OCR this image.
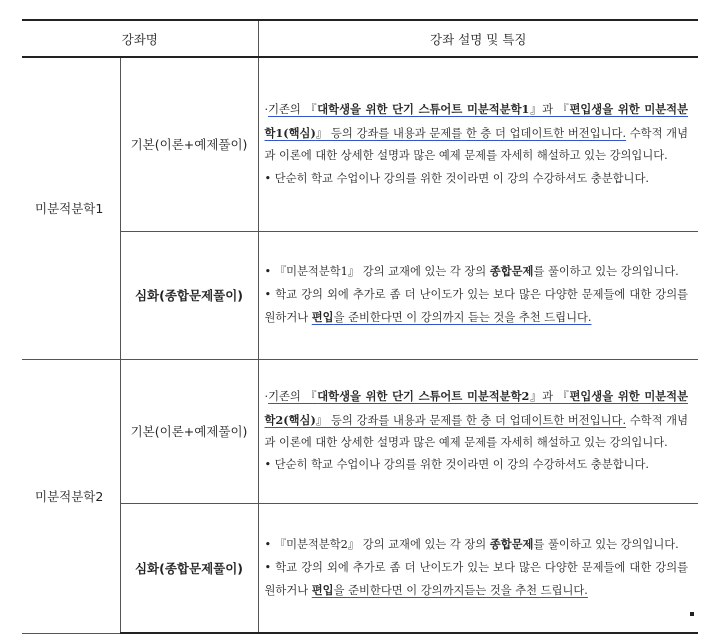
강좌명		강좌 설명 및 특징
미분적분학1	기본(이론+예제풀이)	·기존의 『대학생을 위한 단기 스튜어트 미분적분학1』과 『편입생을 위한 미분적분학1(핵심)』 등의 강좌를 내용과 문제를 한 층 더 업데이트한 버전입니다. 수학적 개념과 이론에 대한 상세한 설명과 많은 예제 문제를 자세히 해설하고 있는 강의입니다.
• 단순히 학교 수업이나 강의를 위한 것이라면 이 강의 수강하셔도 충분합니다.
	심화(종합문제풀이)	• 『미분적분학1』 강의 교재에 있는 각 장의 종합문제를 풀이하고 있는 강의입니다.
• 학교 강의 외에 추가로 좀 더 난이도가 있는 보다 많은 다양한 문제들에 대한 강의를 원하거나 편입을 준비한다면 이 강의까지 듣는 것을 추천 드립니다.
미분적분학2	기본(이론+예제풀이)	·기존의 『대학생을 위한 단기 스튜어트 미분적분학2』과 『편입생을 위한 미분적분학2(핵심)』 등의 강좌를 내용과 문제를 한 층 더 업데이트한 버전입니다. 수학적 개념과 이론에 대한 상세한 설명과 많은 예제 문제를 자세히 해설하고 있는 강의입니다.
• 단순히 학교 수업이나 강의를 위한 것이라면 이 강의 수강하셔도 충분합니다.
	심화(종합문제풀이)	• 『미분적분학2』 강의 교재에 있는 각 장의 종합문제를 풀이하고 있는 강의입니다.
• 학교 강의 외에 추가로 좀 더 난이도가 있는 보다 많은 다양한 문제들에 대한 강의를 원하거나 편입을 준비한다면 이 강의까지듣는 것을 추천 드립니다.
